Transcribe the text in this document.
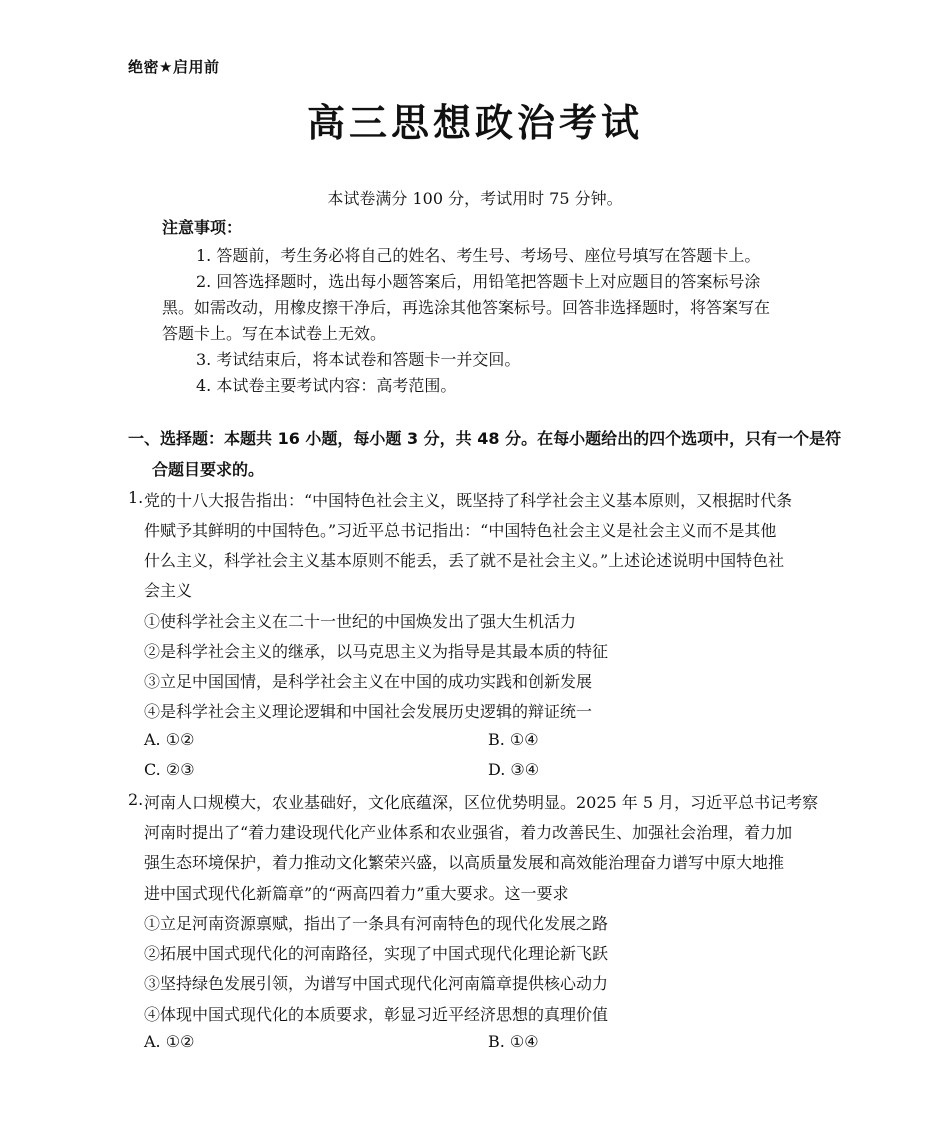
绝密★启用前
高三思想政治考试
本试卷满分 100 分，考试用时 75 分钟。
注意事项：
1. 答题前，考生务必将自己的姓名、考生号、考场号、座位号填写在答题卡上。
2. 回答选择题时，选出每小题答案后，用铅笔把答题卡上对应题目的答案标号涂
黑。如需改动，用橡皮擦干净后，再选涂其他答案标号。回答非选择题时，将答案写在
答题卡上。写在本试卷上无效。
3. 考试结束后，将本试卷和答题卡一并交回。
4. 本试卷主要考试内容：高考范围。
一、选择题：本题共 16 小题，每小题 3 分，共 48 分。在每小题给出的四个选项中，只有一个是符
合题目要求的。
1. 党的十八大报告指出：“中国特色社会主义，既坚持了科学社会主义基本原则，又根据时代条
件赋予其鲜明的中国特色。”习近平总书记指出：“中国特色社会主义是社会主义而不是其他
什么主义，科学社会主义基本原则不能丢，丢了就不是社会主义。”上述论述说明中国特色社
会主义
①使科学社会主义在二十一世纪的中国焕发出了强大生机活力
②是科学社会主义的继承，以马克思主义为指导是其最本质的特征
③立足中国国情，是科学社会主义在中国的成功实践和创新发展
④是科学社会主义理论逻辑和中国社会发展历史逻辑的辩证统一
A. ①②	B. ①④
C. ②③	D. ③④
2. 河南人口规模大，农业基础好，文化底蕴深，区位优势明显。2025 年 5 月，习近平总书记考察
河南时提出了“着力建设现代化产业体系和农业强省，着力改善民生、加强社会治理，着力加
强生态环境保护，着力推动文化繁荣兴盛，以高质量发展和高效能治理奋力谱写中原大地推
进中国式现代化新篇章”的“两高四着力”重大要求。这一要求
①立足河南资源禀赋，指出了一条具有河南特色的现代化发展之路
②拓展中国式现代化的河南路径，实现了中国式现代化理论新飞跃
③坚持绿色发展引领，为谱写中国式现代化河南篇章提供核心动力
④体现中国式现代化的本质要求，彰显习近平经济思想的真理价值
A. ①②	B. ①④
